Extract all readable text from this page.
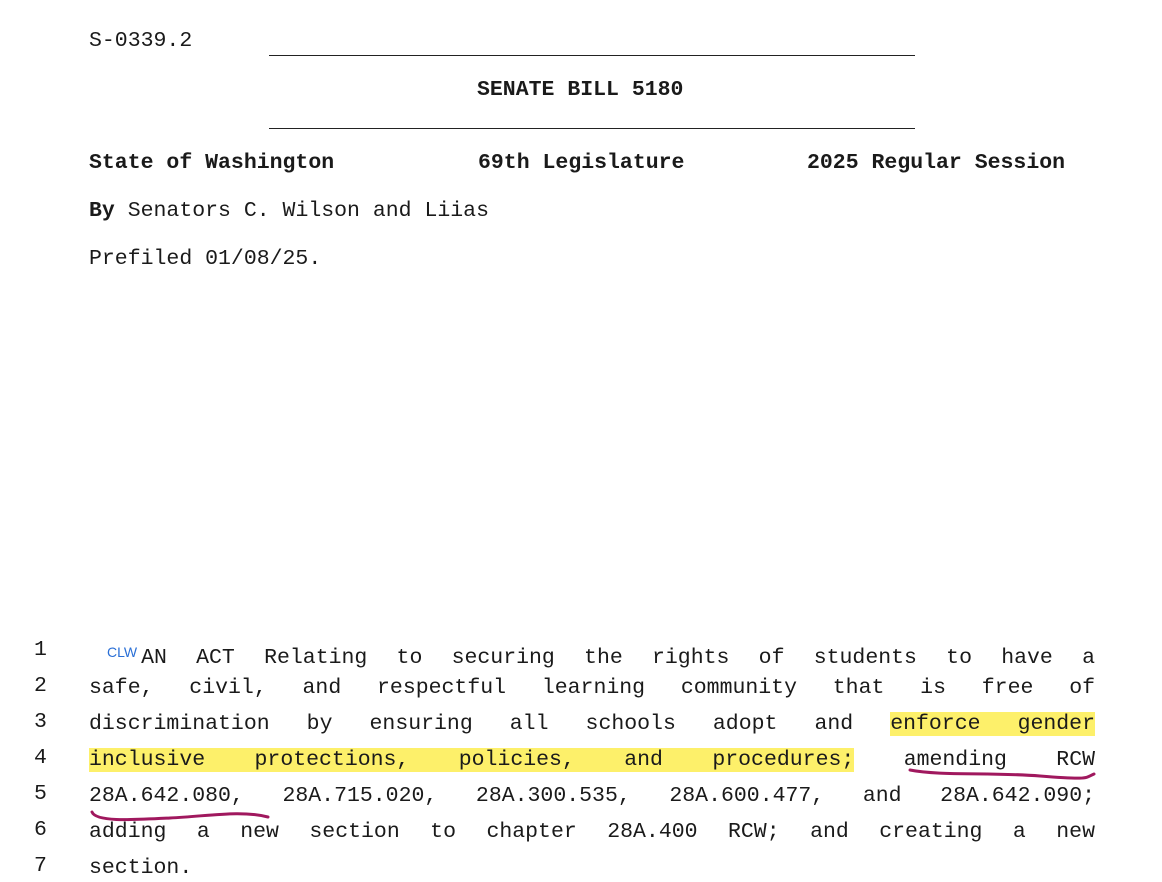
S-0339.2
SENATE BILL 5180
State of Washington	69th Legislature	2025 Regular Session
By Senators C. Wilson and Liias
Prefiled 01/08/25.
1	$^{CLW}$ AN ACT Relating to securing the rights of students to have a
2	safe, civil, and respectful learning community that is free of
3	discrimination by ensuring all schools adopt and enforce gender
4	inclusive protections, policies, and procedures; amending RCW
5	28A.642.080, 28A.715.020, 28A.300.535, 28A.600.477, and 28A.642.090;
6	adding a new section to chapter 28A.400 RCW; and creating a new
7	section.
